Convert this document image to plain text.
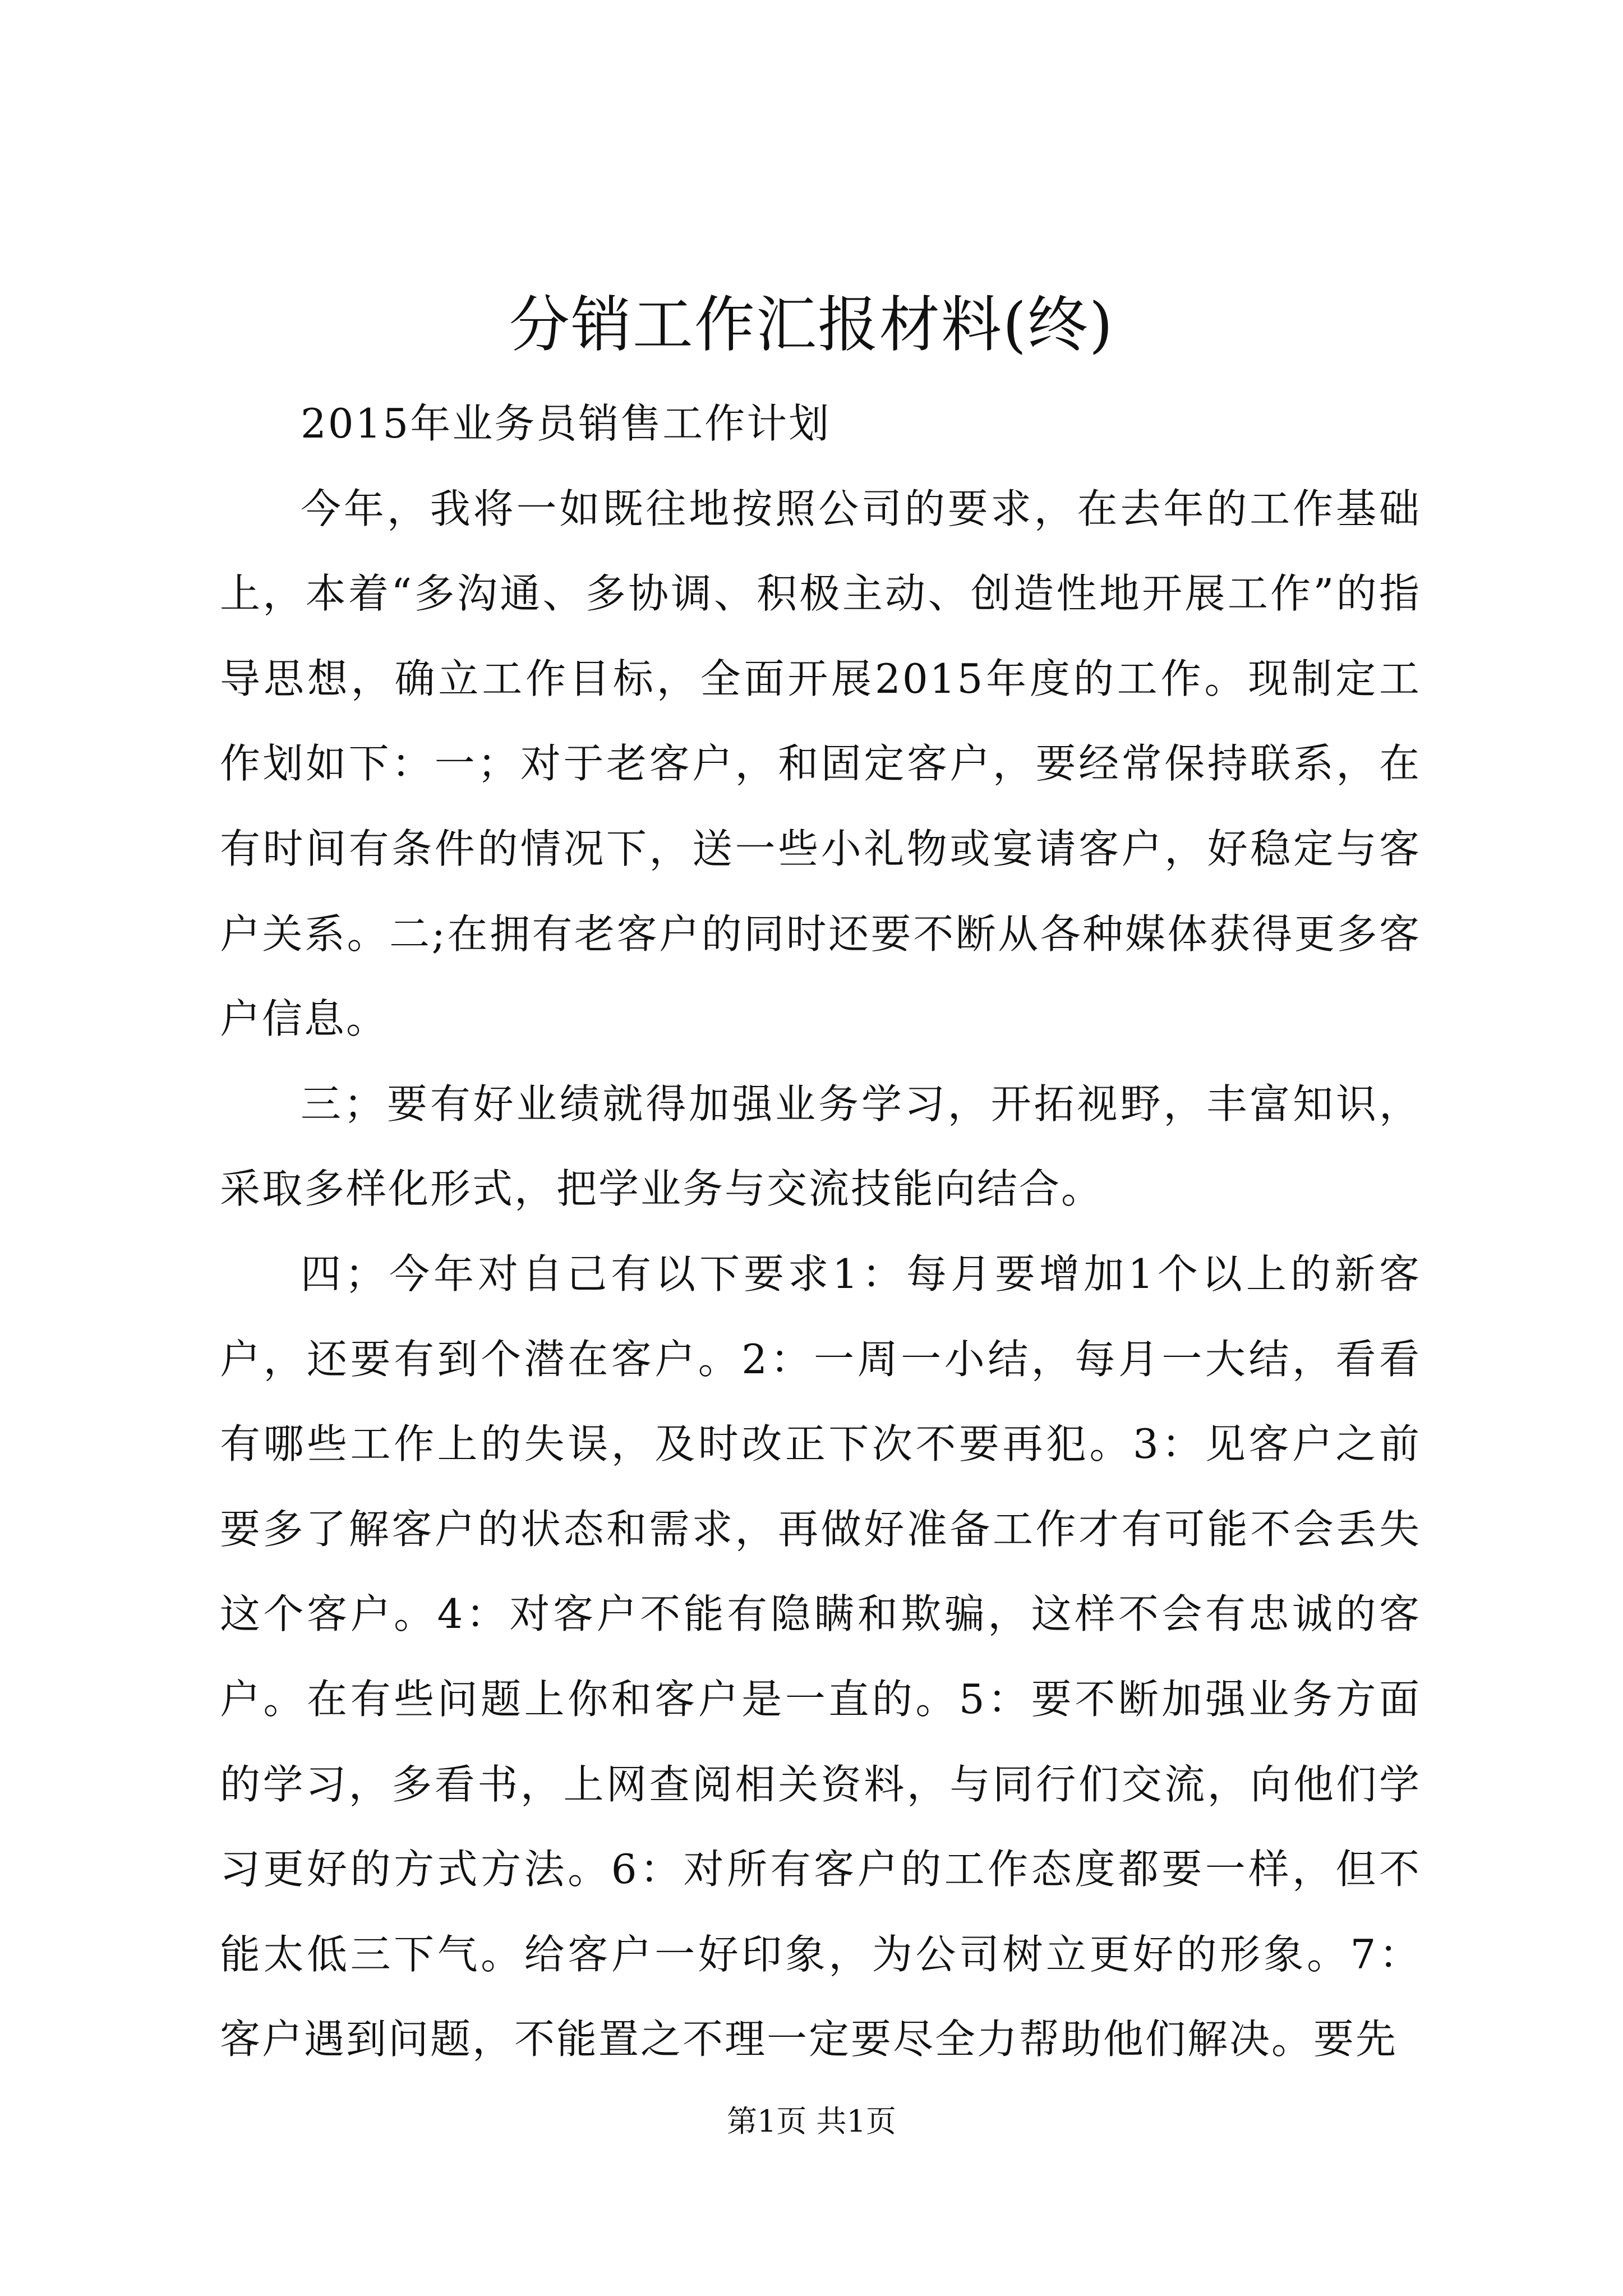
分销工作汇报材料(终)

2015年业务员销售工作计划

今年，我将一如既往地按照公司的要求，在去年的工作基础上，本着“多沟通、多协调、积极主动、创造性地开展工作”的指导思想，确立工作目标，全面开展2015年度的工作。现制定工作划如下：一；对于老客户，和固定客户，要经常保持联系，在有时间有条件的情况下，送一些小礼物或宴请客户，好稳定与客户关系。二;在拥有老客户的同时还要不断从各种媒体获得更多客户信息。

三；要有好业绩就得加强业务学习，开拓视野，丰富知识，采取多样化形式，把学业务与交流技能向结合。

四；今年对自己有以下要求1：每月要增加1个以上的新客户，还要有到个潜在客户。2：一周一小结，每月一大结，看看有哪些工作上的失误，及时改正下次不要再犯。3：见客户之前要多了解客户的状态和需求，再做好准备工作才有可能不会丢失这个客户。4：对客户不能有隐瞒和欺骗，这样不会有忠诚的客户。在有些问题上你和客户是一直的。5：要不断加强业务方面的学习，多看书，上网查阅相关资料，与同行们交流，向他们学习更好的方式方法。6：对所有客户的工作态度都要一样，但不能太低三下气。给客户一好印象，为公司树立更好的形象。7：客户遇到问题，不能置之不理一定要尽全力帮助他们解决。要先

第1页 共1页
